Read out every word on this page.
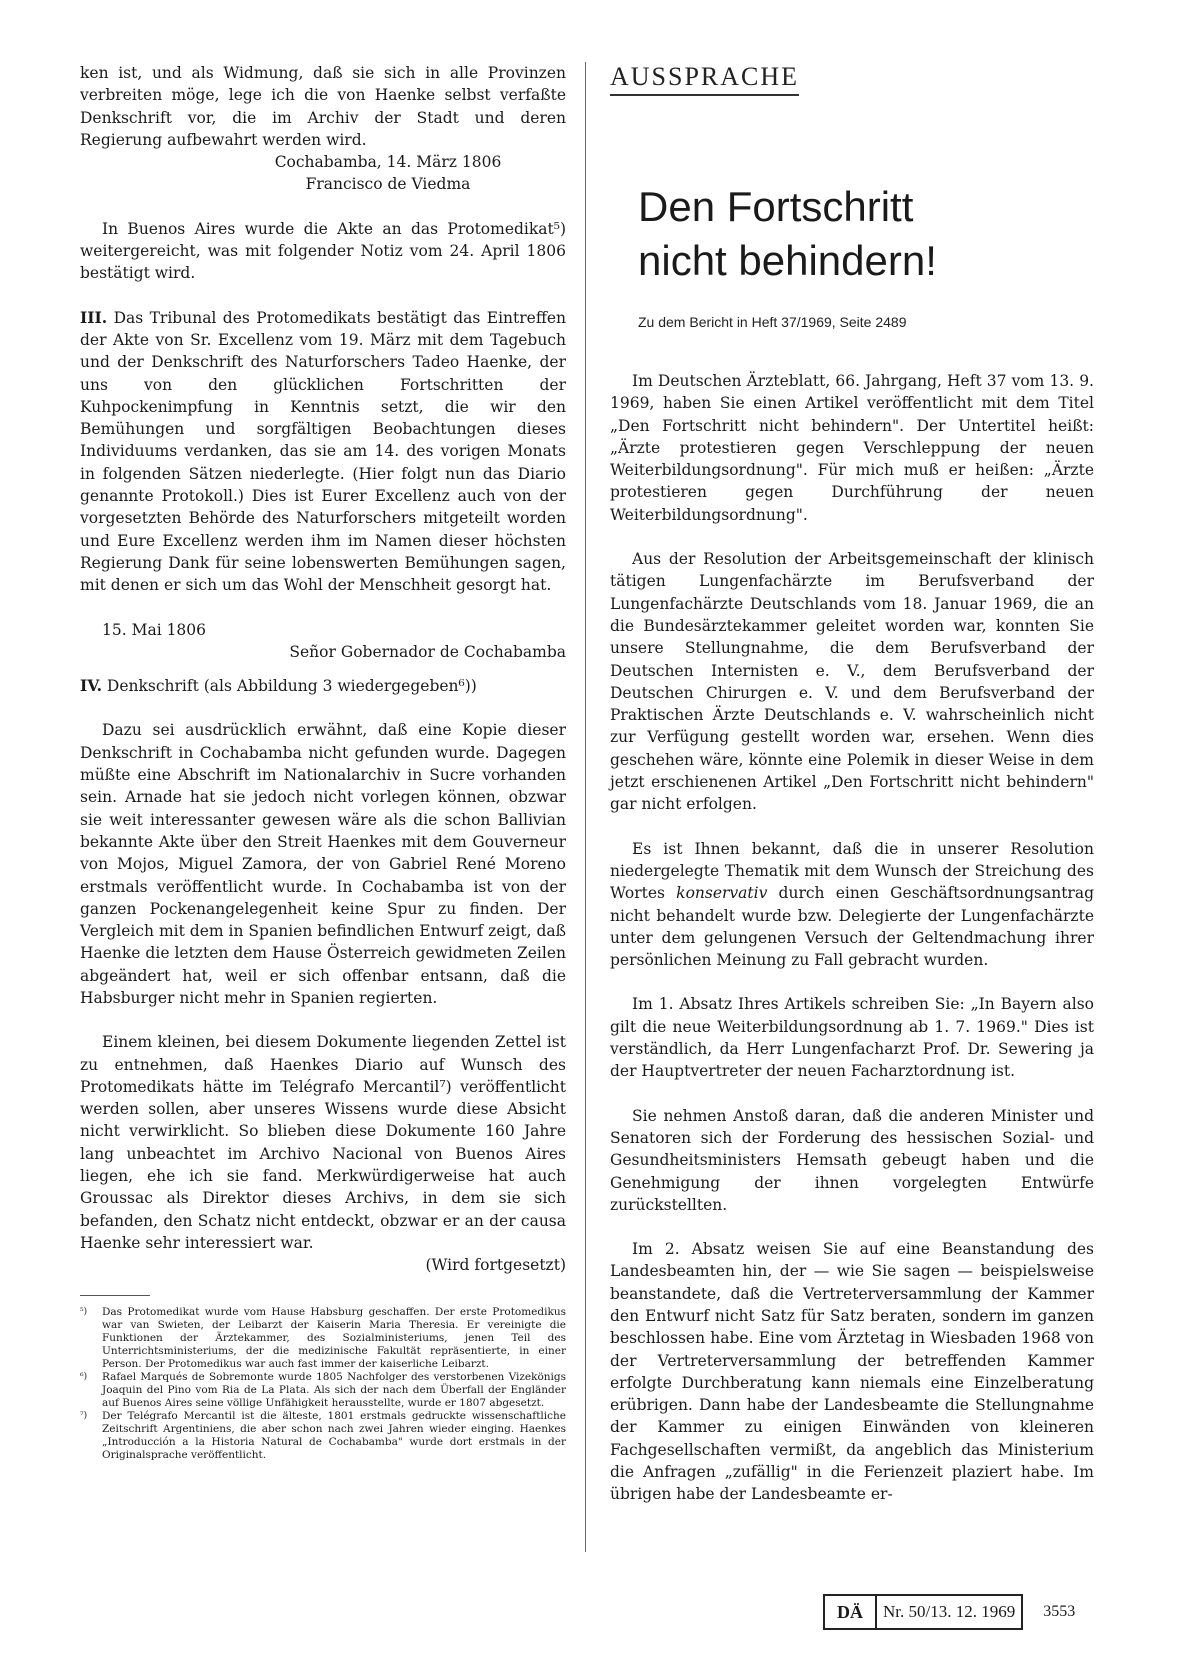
ken ist, und als Widmung, daß sie sich in alle Provinzen verbreiten möge, lege ich die von Haenke selbst verfaßte Denkschrift vor, die im Archiv der Stadt und deren Regierung aufbewahrt werden wird.

Cochabamba, 14. März 1806
Francisco de Viedma

In Buenos Aires wurde die Akte an das Protomedikat⁵) weitergereicht, was mit folgender Notiz vom 24. April 1806 bestätigt wird.

III. Das Tribunal des Protomedikats bestätigt das Eintreffen der Akte von Sr. Excellenz vom 19. März mit dem Tagebuch und der Denkschrift des Naturforschers Tadeo Haenke, der uns von den glücklichen Fortschritten der Kuhpockenimpfung in Kenntnis setzt, die wir den Bemühungen und sorgfältigen Beobachtungen dieses Individuums verdanken, das sie am 14. des vorigen Monats in folgenden Sätzen niederlegte. (Hier folgt nun das Diario genannte Protokoll.) Dies ist Eurer Excellenz auch von der vorgesetzten Behörde des Naturforschers mitgeteilt worden und Eure Excellenz werden ihm im Namen dieser höchsten Regierung Dank für seine lobenswerten Bemühungen sagen, mit denen er sich um das Wohl der Menschheit gesorgt hat.

15. Mai 1806
Señor Gobernador de Cochabamba

IV. Denkschrift (als Abbildung 3 wiedergegeben⁶))

Dazu sei ausdrücklich erwähnt, daß eine Kopie dieser Denkschrift in Cochabamba nicht gefunden wurde. Dagegen müßte eine Abschrift im Nationalarchiv in Sucre vorhanden sein. Arnade hat sie jedoch nicht vorlegen können, obzwar sie weit interessanter gewesen wäre als die schon Ballivian bekannte Akte über den Streit Haenkes mit dem Gouverneur von Mojos, Miguel Zamora, der von Gabriel René Moreno erstmals veröffentlicht wurde. In Cochabamba ist von der ganzen Pockenangelegenheit keine Spur zu finden. Der Vergleich mit dem in Spanien befindlichen Entwurf zeigt, daß Haenke die letzten dem Hause Österreich gewidmeten Zeilen abgeändert hat, weil er sich offenbar entsann, daß die Habsburger nicht mehr in Spanien regierten.

Einem kleinen, bei diesem Dokumente liegenden Zettel ist zu entnehmen, daß Haenkes Diario auf Wunsch des Protomedikats hätte im Telégrafo Mercantil⁷) veröffentlicht werden sollen, aber unseres Wissens wurde diese Absicht nicht verwirklicht. So blieben diese Dokumente 160 Jahre lang unbeachtet im Archivo Nacional von Buenos Aires liegen, ehe ich sie fand. Merkwürdigerweise hat auch Groussac als Direktor dieses Archivs, in dem sie sich befanden, den Schatz nicht entdeckt, obzwar er an der causa Haenke sehr interessiert war.

(Wird fortgesetzt)
⁵)	Das Protomedikat wurde vom Hause Habsburg geschaffen. Der erste Protomedikus war van Swieten, der Leibarzt der Kaiserin Maria Theresia. Er vereinigte die Funktionen der Ärztekammer, des Sozialministeriums, jenen Teil des Unterrichtsministeriums, der die medizinische Fakultät repräsentierte, in einer Person. Der Protomedikus war auch fast immer der kaiserliche Leibarzt.
⁶)	Rafael Marqués de Sobremonte wurde 1805 Nachfolger des verstorbenen Vizekönigs Joaquin del Pino vom Ria de La Plata. Als sich der nach dem Überfall der Engländer auf Buenos Aires seine völlige Unfähigkeit herausstellte, wurde er 1807 abgesetzt.
⁷)	Der Telégrafo Mercantil ist die älteste, 1801 erstmals gedruckte wissenschaftliche Zeitschrift Argentiniens, die aber schon nach zwei Jahren wieder einging. Haenkes „Introducción a la Historia Natural de Cochabamba" wurde dort erstmals in der Originalsprache veröffentlicht.
AUSSPRACHE
Den Fortschritt
nicht behindern!
Zu dem Bericht in Heft 37/1969, Seite 2489

Im Deutschen Ärzteblatt, 66. Jahrgang, Heft 37 vom 13. 9. 1969, haben Sie einen Artikel veröffentlicht mit dem Titel „Den Fortschritt nicht behindern". Der Untertitel heißt: „Ärzte protestieren gegen Verschleppung der neuen Weiterbildungsordnung". Für mich muß er heißen: „Ärzte protestieren gegen Durchführung der neuen Weiterbildungsordnung".

Aus der Resolution der Arbeitsgemeinschaft der klinisch tätigen Lungenfachärzte im Berufsverband der Lungenfachärzte Deutschlands vom 18. Januar 1969, die an die Bundesärztekammer geleitet worden war, konnten Sie unsere Stellungnahme, die dem Berufsverband der Deutschen Internisten e. V., dem Berufsverband der Deutschen Chirurgen e. V. und dem Berufsverband der Praktischen Ärzte Deutschlands e. V. wahrscheinlich nicht zur Verfügung gestellt worden war, ersehen. Wenn dies geschehen wäre, könnte eine Polemik in dieser Weise in dem jetzt erschienenen Artikel „Den Fortschritt nicht behindern" gar nicht erfolgen.

Es ist Ihnen bekannt, daß die in unserer Resolution niedergelegte Thematik mit dem Wunsch der Streichung des Wortes konservativ durch einen Geschäftsordnungsantrag nicht behandelt wurde bzw. Delegierte der Lungenfachärzte unter dem gelungenen Versuch der Geltendmachung ihrer persönlichen Meinung zu Fall gebracht wurden.

Im 1. Absatz Ihres Artikels schreiben Sie: „In Bayern also gilt die neue Weiterbildungsordnung ab 1. 7. 1969." Dies ist verständlich, da Herr Lungenfacharzt Prof. Dr. Sewering ja der Hauptvertreter der neuen Facharztordnung ist.

Sie nehmen Anstoß daran, daß die anderen Minister und Senatoren sich der Forderung des hessischen Sozial- und Gesundheitsministers Hemsath gebeugt haben und die Genehmigung der ihnen vorgelegten Entwürfe zurückstellten.

Im 2. Absatz weisen Sie auf eine Beanstandung des Landesbeamten hin, der — wie Sie sagen — beispielsweise beanstandete, daß die Vertreterversammlung der Kammer den Entwurf nicht Satz für Satz beraten, sondern im ganzen beschlossen habe. Eine vom Ärztetag in Wiesbaden 1968 von der Vertreterversammlung der betreffenden Kammer erfolgte Durchberatung kann niemals eine Einzelberatung erübrigen. Dann habe der Landesbeamte die Stellungnahme der Kammer zu einigen Einwänden von kleineren Fachgesellschaften vermißt, da angeblich das Ministerium die Anfragen „zufällig" in die Ferienzeit plaziert habe. Im übrigen habe der Landesbeamte er-

DÄ	Nr. 50/13. 12. 1969	3553
